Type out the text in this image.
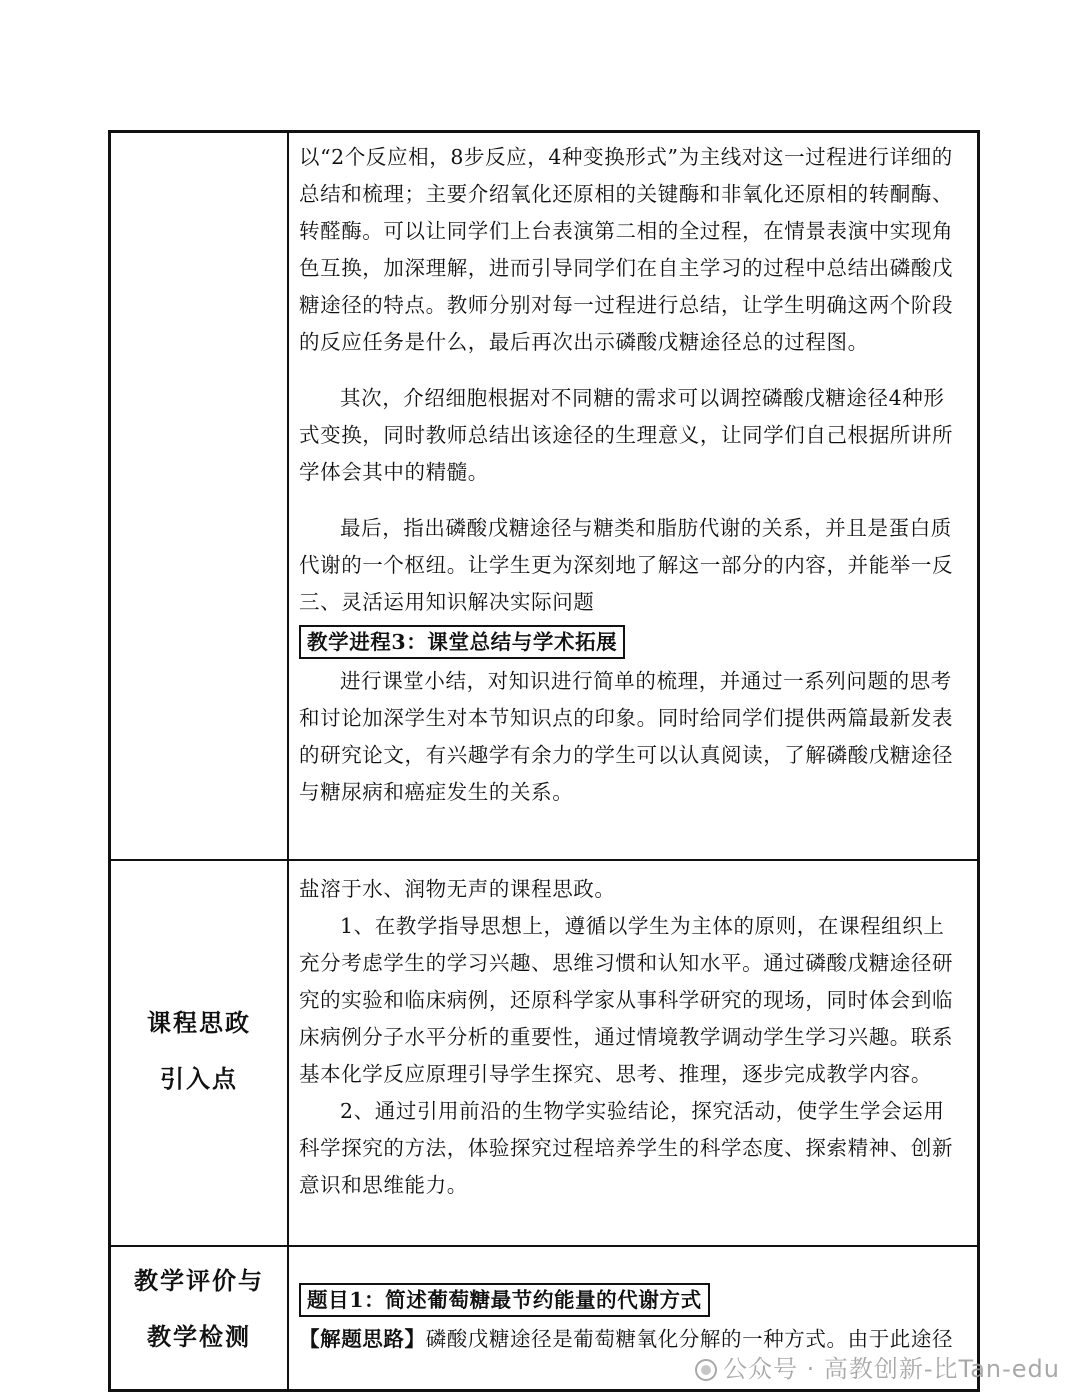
以“2个反应相，8步反应，4种变换形式”为主线对这一过程进行详细的总结和梳理；主要介绍氧化还原相的关键酶和非氧化还原相的转酮酶、转醛酶。可以让同学们上台表演第二相的全过程，在情景表演中实现角色互换，加深理解，进而引导同学们在自主学习的过程中总结出磷酸戊糖途径的特点。教师分别对每一过程进行总结，让学生明确这两个阶段的反应任务是什么，最后再次出示磷酸戊糖途径总的过程图。

其次，介绍细胞根据对不同糖的需求可以调控磷酸戊糖途径4种形式变换，同时教师总结出该途径的生理意义，让同学们自己根据所讲所学体会其中的精髓。

最后，指出磷酸戊糖途径与糖类和脂肪代谢的关系，并且是蛋白质代谢的一个枢纽。让学生更为深刻地了解这一部分的内容，并能举一反

三、灵活运用知识解决实际问题

教学进程3：课堂总结与学术拓展

进行课堂小结，对知识进行简单的梳理，并通过一系列问题的思考和讨论加深学生对本节知识点的印象。同时给同学们提供两篇最新发表的研究论文，有兴趣学有余力的学生可以认真阅读，了解磷酸戊糖途径与糖尿病和癌症发生的关系。

课程思政
引入点

盐溶于水、润物无声的课程思政。

1、在教学指导思想上，遵循以学生为主体的原则，在课程组织上充分考虑学生的学习兴趣、思维习惯和认知水平。通过磷酸戊糖途径研究的实验和临床病例，还原科学家从事科学研究的现场，同时体会到临床病例分子水平分析的重要性，通过情境教学调动学生学习兴趣。联系基本化学反应原理引导学生探究、思考、推理，逐步完成教学内容。

2、通过引用前沿的生物学实验结论，探究活动，使学生学会运用科学探究的方法，体验探究过程培养学生的科学态度、探索精神、创新意识和思维能力。

教学评价与
教学检测

题目1：简述葡萄糖最节约能量的代谢方式

【解题思路】磷酸戊糖途径是葡萄糖氧化分解的一种方式。由于此途径

公众号 · 高教创新-比Tan-edu
